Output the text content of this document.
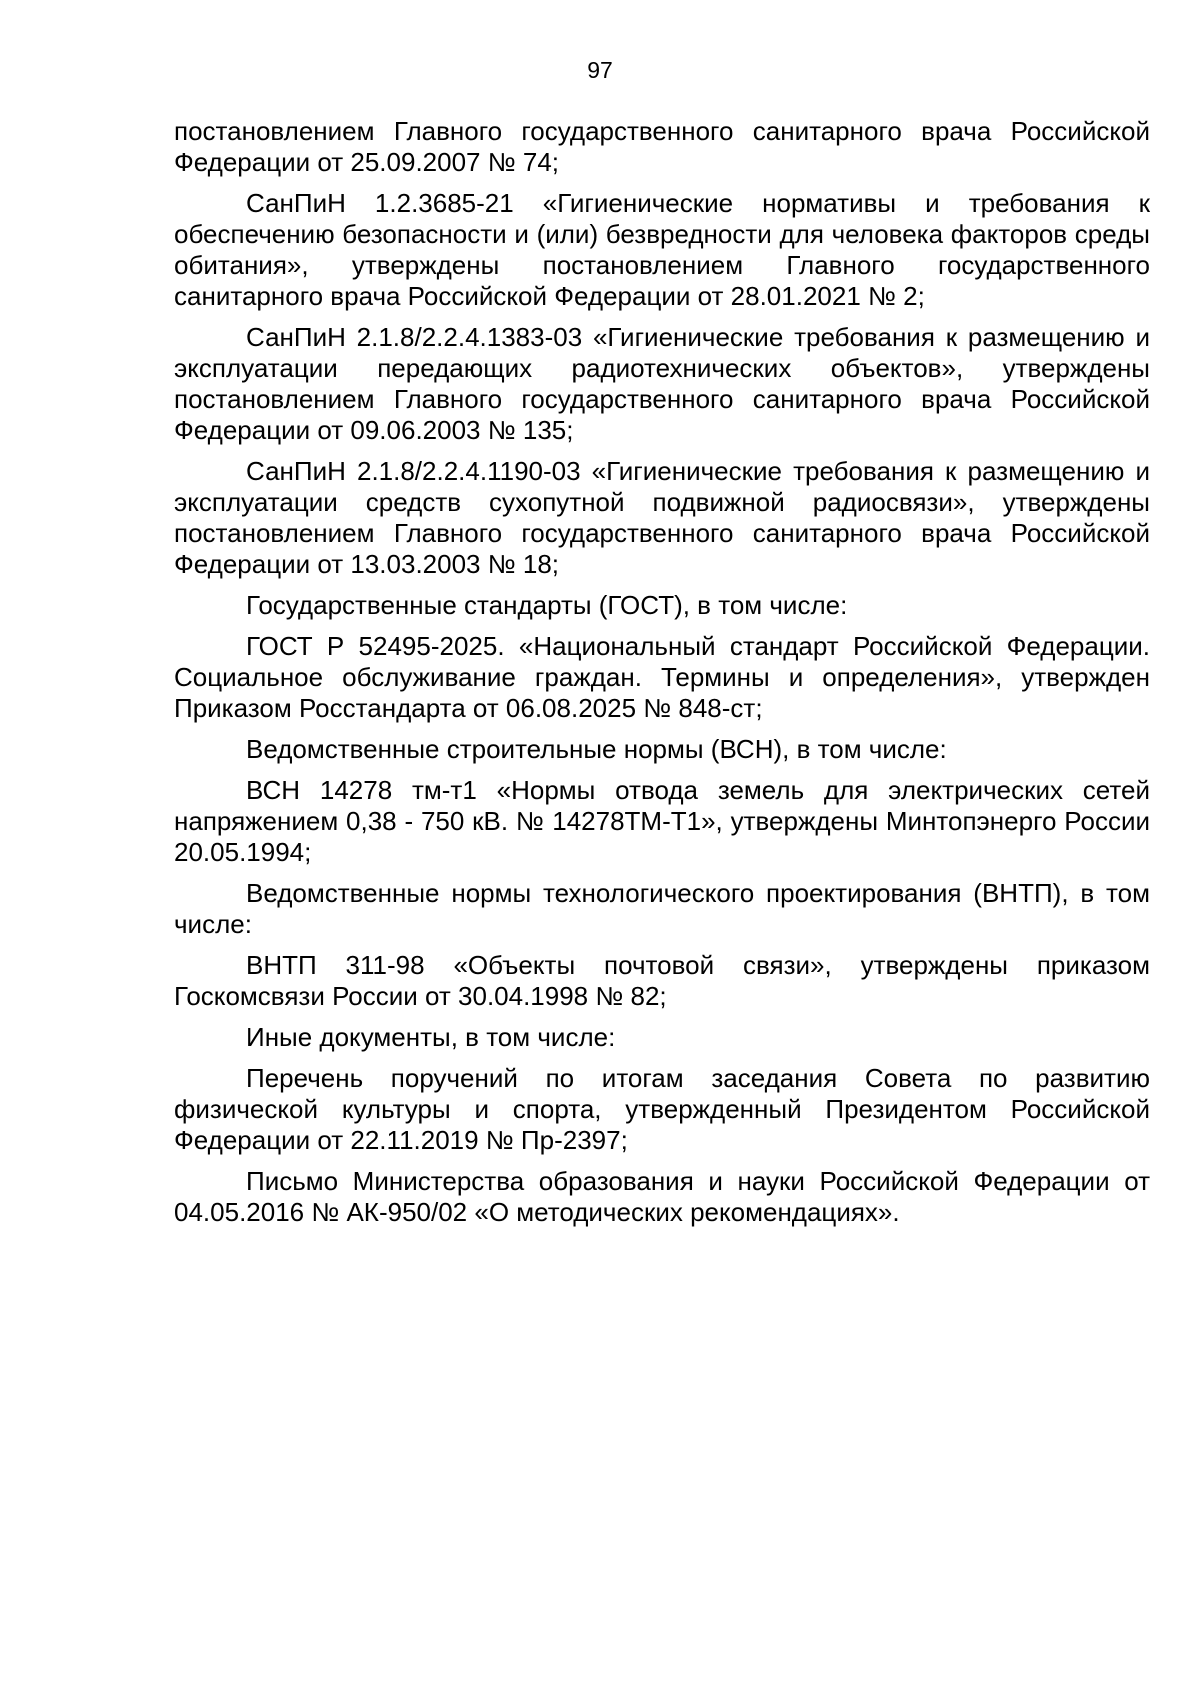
97

постановлением Главного государственного санитарного врача Российской Федерации от 25.09.2007 № 74;

СанПиН 1.2.3685-21 «Гигиенические нормативы и требования к обеспечению безопасности и (или) безвредности для человека факторов среды обитания», утверждены постановлением Главного государственного санитарного врача Российской Федерации от 28.01.2021 № 2;

СанПиН 2.1.8/2.2.4.1383-03 «Гигиенические требования к размещению и эксплуатации передающих радиотехнических объектов», утверждены постановлением Главного государственного санитарного врача Российской Федерации от 09.06.2003 № 135;

СанПиН 2.1.8/2.2.4.1190-03 «Гигиенические требования к размещению и эксплуатации средств сухопутной подвижной радиосвязи», утверждены постановлением Главного государственного санитарного врача Российской Федерации от 13.03.2003 № 18;

Государственные стандарты (ГОСТ), в том числе:

ГОСТ Р 52495-2025. «Национальный стандарт Российской Федерации. Социальное обслуживание граждан. Термины и определения», утвержден Приказом Росстандарта от 06.08.2025 № 848-ст;

Ведомственные строительные нормы (ВСН), в том числе:

ВСН 14278 тм-т1 «Нормы отвода земель для электрических сетей напряжением 0,38 - 750 кВ. № 14278ТМ-Т1», утверждены Минтопэнерго России 20.05.1994;

Ведомственные нормы технологического проектирования (ВНТП), в том числе:

ВНТП 311-98 «Объекты почтовой связи», утверждены приказом Госкомсвязи России от 30.04.1998 № 82;

Иные документы, в том числе:

Перечень поручений по итогам заседания Совета по развитию физической культуры и спорта, утвержденный Президентом Российской Федерации от 22.11.2019 № Пр-2397;

Письмо Министерства образования и науки Российской Федерации от 04.05.2016 № АК-950/02 «О методических рекомендациях».
